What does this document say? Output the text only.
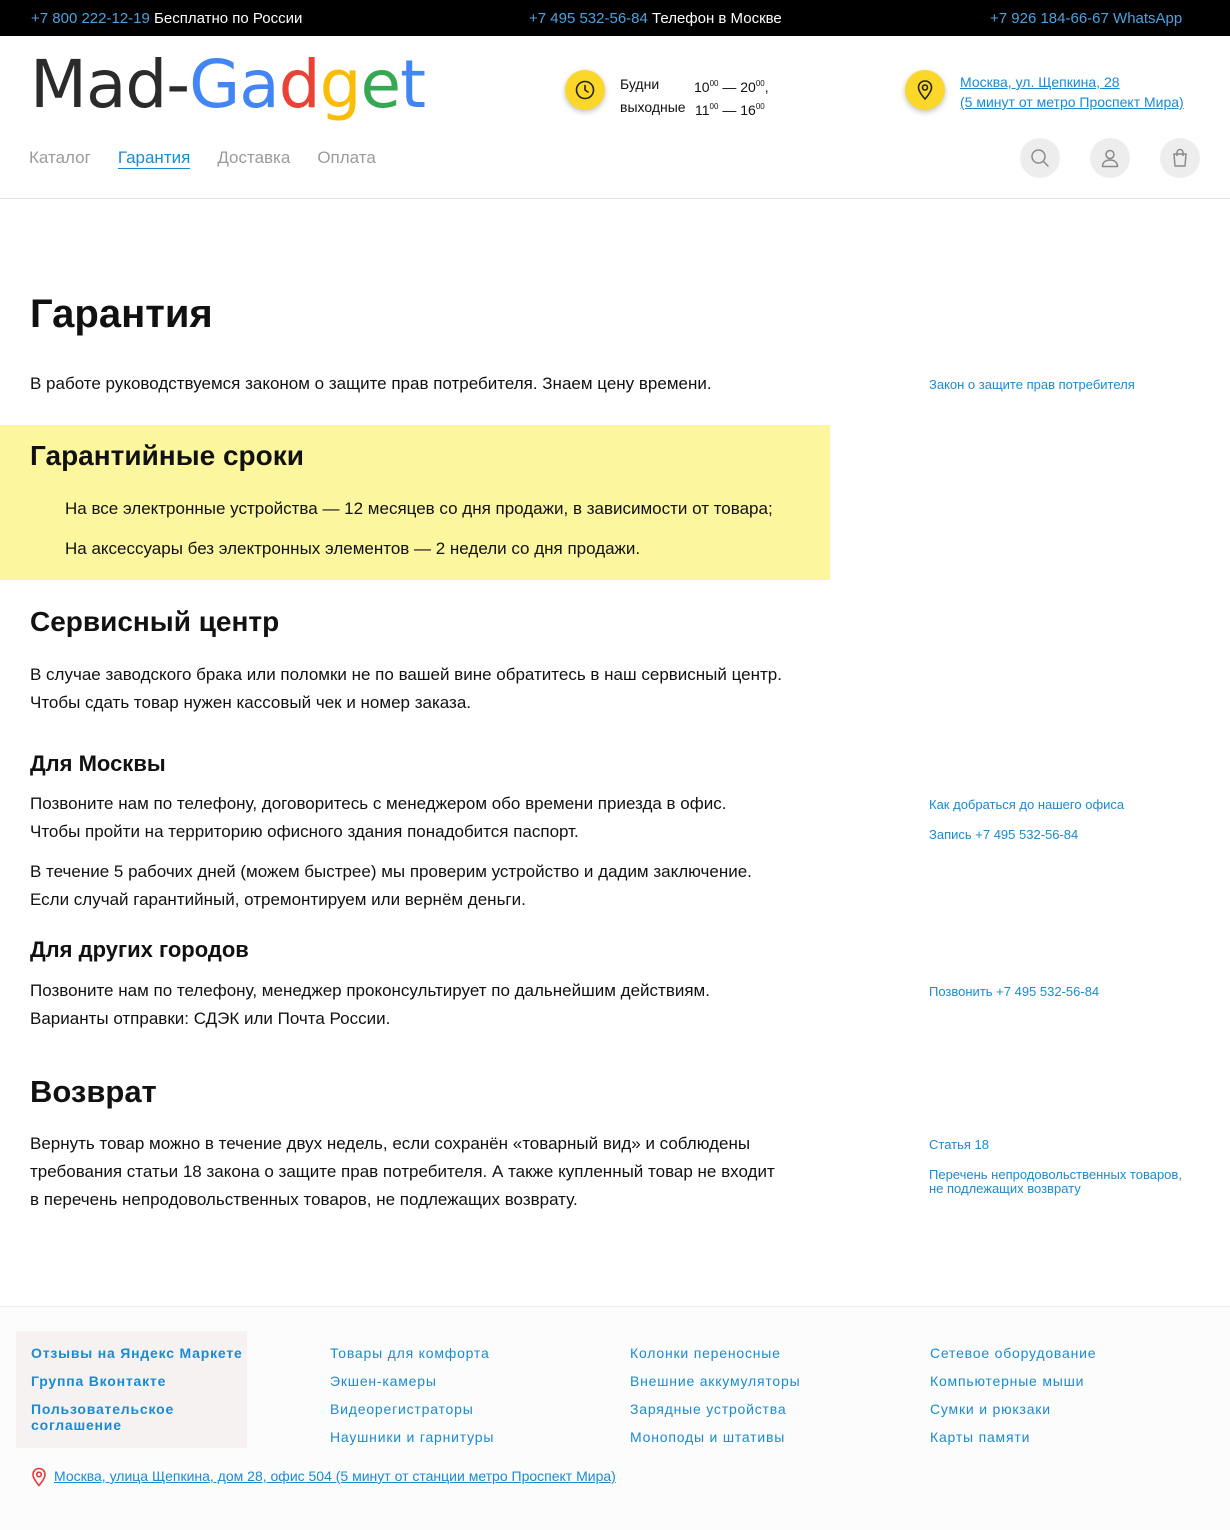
+7 800 222-12-19 Бесплатно по России	+7 495 532-56-84 Телефон в Москве	+7 926 184-66-67 WhatsApp
Mad-Gadget	Будни	$10^{00}$ — $20^{00}$,
выходные $11^{00}$ — $16^{00}$
Москва, ул. Щепкина, 28
(5 минут от метро Проспект Мира)
Каталог Гарантия Доставка Оплата
Гарантия
В работе руководствуемся законом о защите прав потребителя. Знаем цену времени.	Закон о защите прав потребителя
Гарантийные сроки
На все электронные устройства — 12 месяцев со дня продажи, в зависимости от товара;
На аксессуары без электронных элементов — 2 недели со дня продажи.
Сервисный центр
В случае заводского брака или поломки не по вашей вине обратитесь в наш сервисный центр.
Чтобы сдать товар нужен кассовый чек и номер заказа.
Для Москвы
Позвоните нам по телефону, договоритесь с менеджером обо времени приезда в офис.
Чтобы пройти на территорию офисного здания понадобится паспорт.
В течение 5 рабочих дней (можем быстрее) мы проверим устройство и дадим заключение.
Если случай гарантийный, отремонтируем или вернём деньги.
Как добраться до нашего офиса
Запись +7 495 532-56-84
Для других городов
Позвоните нам по телефону, менеджер проконсультирует по дальнейшим действиям.
Варианты отправки: СДЭК или Почта России.
Позвонить +7 495 532-56-84
Возврат
Вернуть товар можно в течение двух недель, если сохранён «товарный вид» и соблюдены
требования статьи 18 закона о защите прав потребителя. А также купленный товар не входит
в перечень непродовольственных товаров, не подлежащих возврату.
Статья 18
Перечень непродовольственных товаров,
не подлежащих возврату
Отзывы на Яндекс Маркете
Группа Вконтакте
Пользовательское
соглашение
Товары для комфорта
Экшен-камеры
Видеорегистраторы
Наушники и гарнитуры
Колонки переносные
Внешние аккумуляторы
Зарядные устройства
Моноподы и штативы
Сетевое оборудование
Компьютерные мыши
Сумки и рюкзаки
Карты памяти
Москва, улица Щепкина, дом 28, офис 504 (5 минут от станции метро Проспект Мира)
